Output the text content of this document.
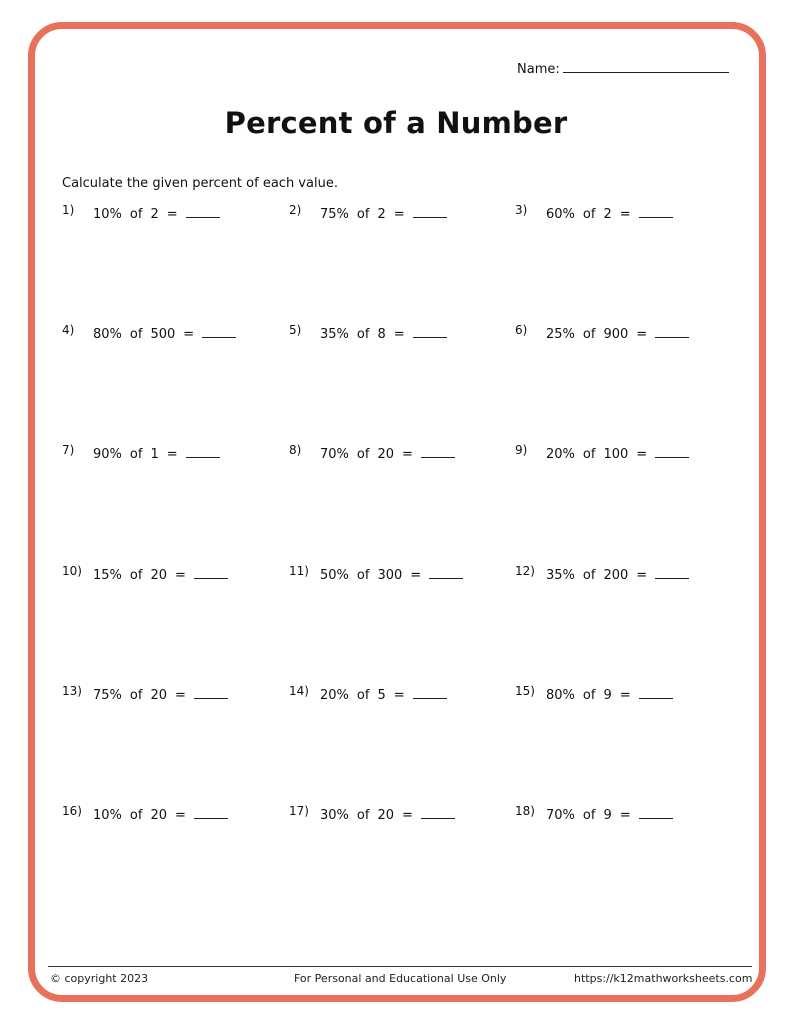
Name:
Percent of a Number
Calculate the given percent of each value.
1) 10% of 2 =	2) 75% of 2 =	3) 60% of 2 =
4) 80% of 500 =	5) 35% of 8 =	6) 25% of 900 =
7) 90% of 1 =	8) 70% of 20 =	9) 20% of 100 =
10) 15% of 20 =	11) 50% of 300 =	12) 35% of 200 =
13) 75% of 20 =	14) 20% of 5 =	15) 80% of 9 =
16) 10% of 20 =	17) 30% of 20 =	18) 70% of 9 =
© copyright 2023	For Personal and Educational Use Only	https://k12mathworksheets.com
